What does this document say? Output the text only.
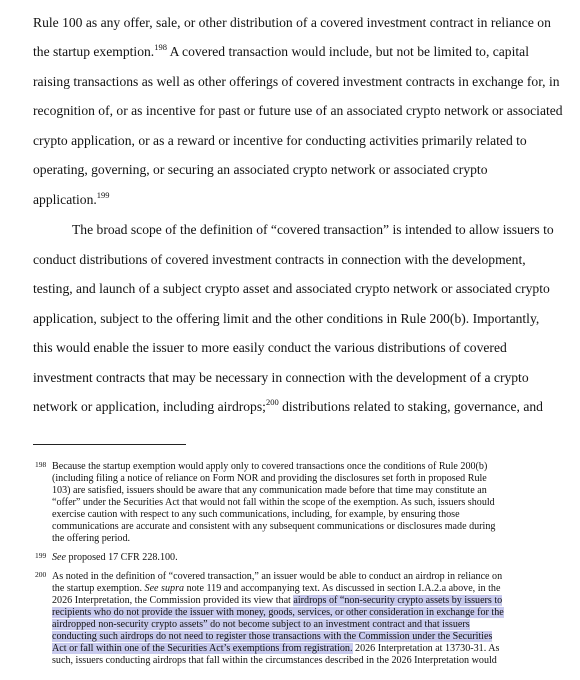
Rule 100 as any offer, sale, or other distribution of a covered investment contract in reliance on
the startup exemption.$^{198}$ A covered transaction would include, but not be limited to, capital
raising transactions as well as other offerings of covered investment contracts in exchange for, in
recognition of, or as incentive for past or future use of an associated crypto network or associated
crypto application, or as a reward or incentive for conducting activities primarily related to
operating, governing, or securing an associated crypto network or associated crypto
application.$^{199}$
The broad scope of the definition of “covered transaction” is intended to allow issuers to
conduct distributions of covered investment contracts in connection with the development,
testing, and launch of a subject crypto asset and associated crypto network or associated crypto
application, subject to the offering limit and the other conditions in Rule 200(b). Importantly,
this would enable the issuer to more easily conduct the various distributions of covered
investment contracts that may be necessary in connection with the development of a crypto
network or application, including airdrops;$^{200}$ distributions related to staking, governance, and
198 Because the startup exemption would apply only to covered transactions once the conditions of Rule 200(b)
(including filing a notice of reliance on Form NOR and providing the disclosures set forth in proposed Rule
103) are satisfied, issuers should be aware that any communication made before that time may constitute an
“offer” under the Securities Act that would not fall within the scope of the exemption. As such, issuers should
exercise caution with respect to any such communications, including, for example, by ensuring those
communications are accurate and consistent with any subsequent communications or disclosures made during
the offering period.
199 See proposed 17 CFR 228.100.
200 As noted in the definition of “covered transaction,” an issuer would be able to conduct an airdrop in reliance on
the startup exemption. See supra note 119 and accompanying text. As discussed in section I.A.2.a above, in the
2026 Interpretation, the Commission provided its view that airdrops of “non-security crypto assets by issuers to
recipients who do not provide the issuer with money, goods, services, or other consideration in exchange for the
airdropped non-security crypto assets” do not become subject to an investment contract and that issuers
conducting such airdrops do not need to register those transactions with the Commission under the Securities
Act or fall within one of the Securities Act’s exemptions from registration. 2026 Interpretation at 13730-31. As
such, issuers conducting airdrops that fall within the circumstances described in the 2026 Interpretation would
